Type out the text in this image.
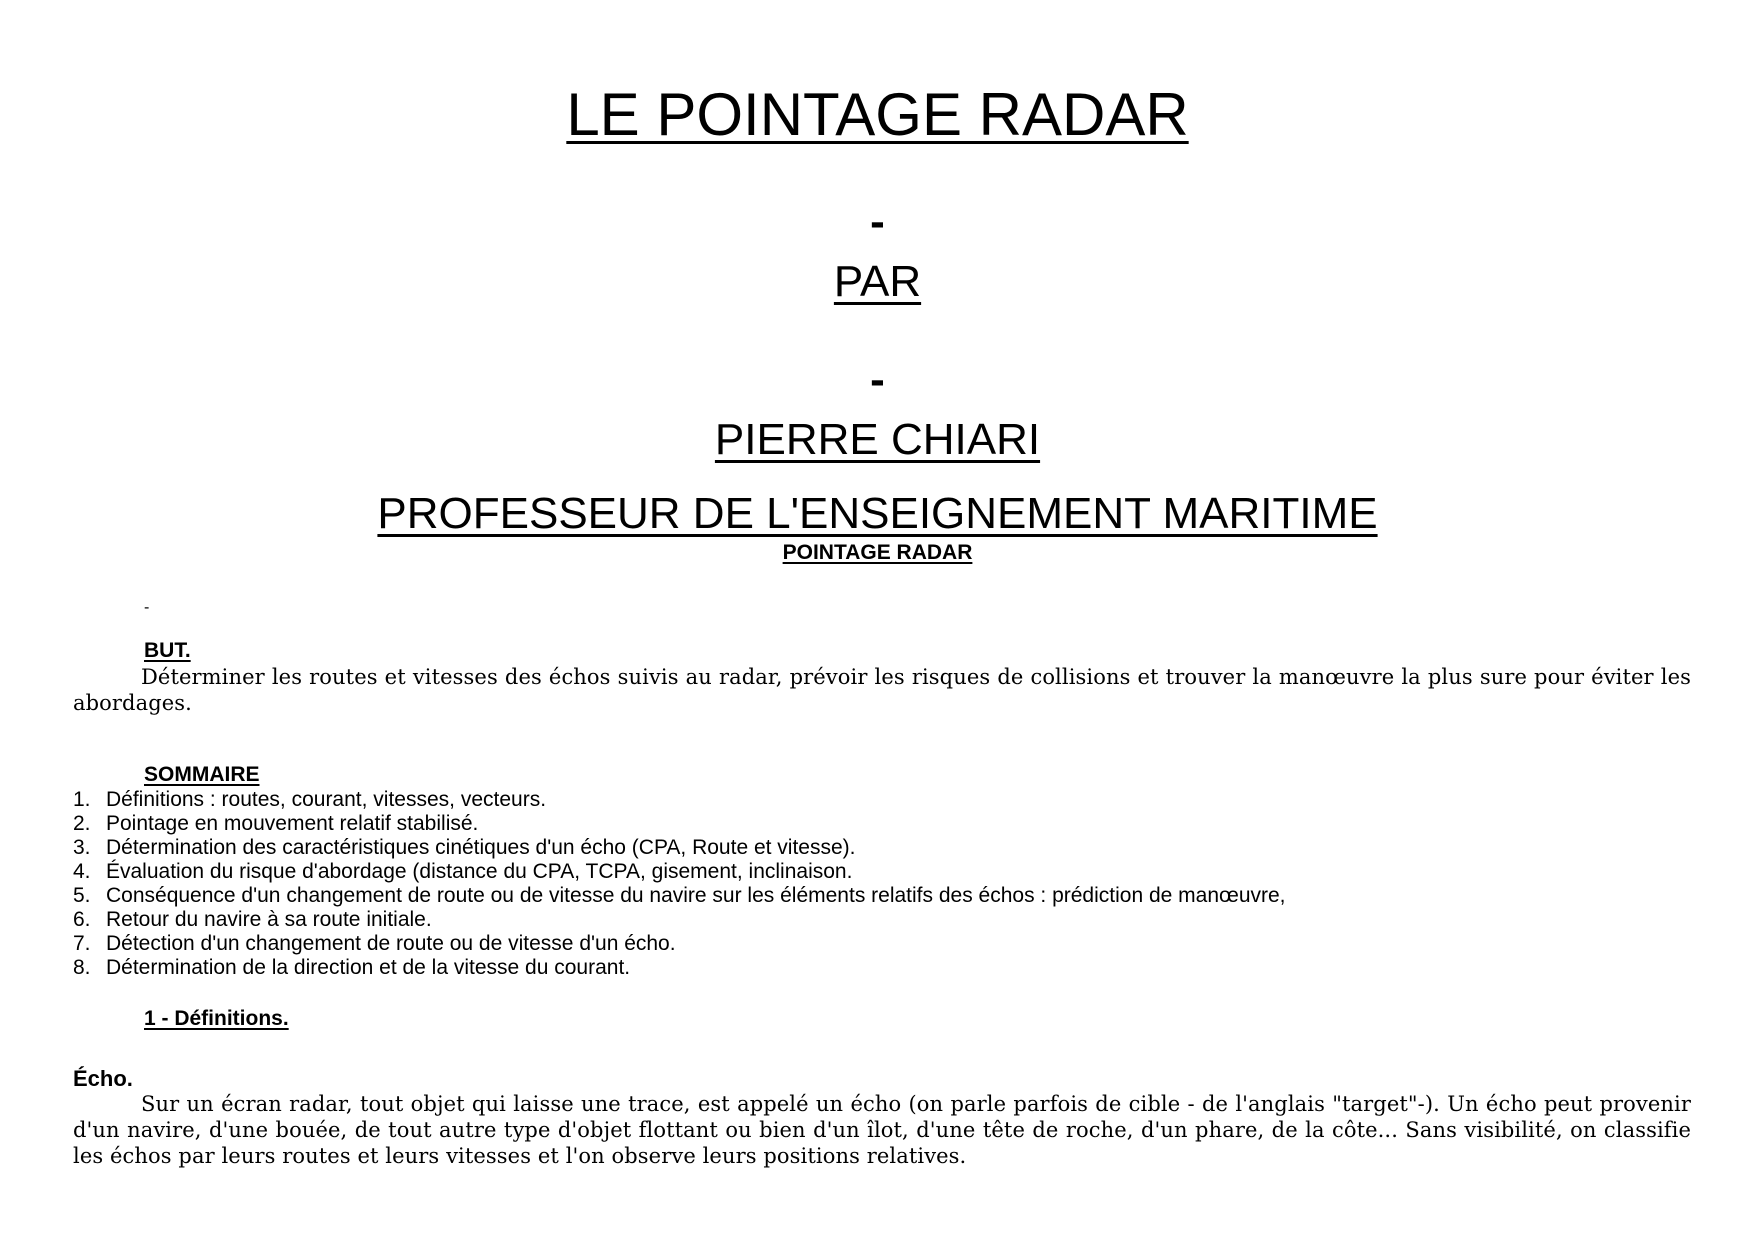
LE POINTAGE RADAR
-
PAR
-
PIERRE CHIARI
PROFESSEUR DE L'ENSEIGNEMENT MARITIME
POINTAGE RADAR
-
BUT.
Déterminer les routes et vitesses des échos suivis au radar, prévoir les risques de collisions et trouver la manœuvre la plus sure pour éviter les abordages.
SOMMAIRE
1. Définitions : routes, courant, vitesses, vecteurs.
2. Pointage en mouvement relatif stabilisé.
3. Détermination des caractéristiques cinétiques d'un écho (CPA, Route et vitesse).
4. Évaluation du risque d'abordage (distance du CPA, TCPA, gisement, inclinaison.
5. Conséquence d'un changement de route ou de vitesse du navire sur les éléments relatifs des échos : prédiction de manœuvre,
6. Retour du navire à sa route initiale.
7. Détection d'un changement de route ou de vitesse d'un écho.
8. Détermination de la direction et de la vitesse du courant.
1 - Définitions.
Écho.
Sur un écran radar, tout objet qui laisse une trace, est appelé un écho (on parle parfois de cible - de l'anglais "target"-). Un écho peut provenir d'un navire, d'une bouée, de tout autre type d'objet flottant ou bien d'un îlot, d'une tête de roche, d'un phare, de la côte... Sans visibilité, on classifie les échos par leurs routes et leurs vitesses et l'on observe leurs positions relatives.
